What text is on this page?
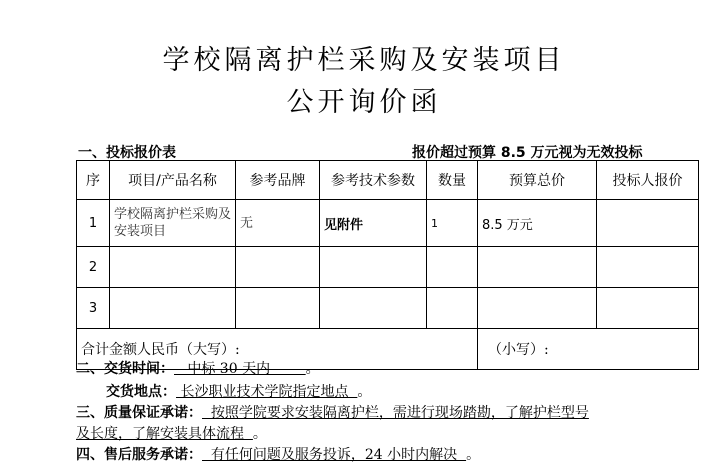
学校隔离护栏采购及安装项目
公开询价函
一、投标报价表	报价超过预算 8.5 万元视为无效投标
序	项目/产品名称	参考品牌	参考技术参数	数量	预算总价	投标人报价
1	学校隔离护栏采购及安装项目	无	见附件	1	8.5 万元	
2						
3						
合计金额人民币（大写）:					（小写）:	
二、交货时间：   中标 30 天内        。
交货地点： 长沙职业技术学院指定地点  。
三、质量保证承诺：  按照学院要求安装隔离护栏，需进行现场踏勘，了解护栏型号
及长度，了解安装具体流程  。
四、售后服务承诺：  有任何问题及服务投诉，24 小时内解决  。
